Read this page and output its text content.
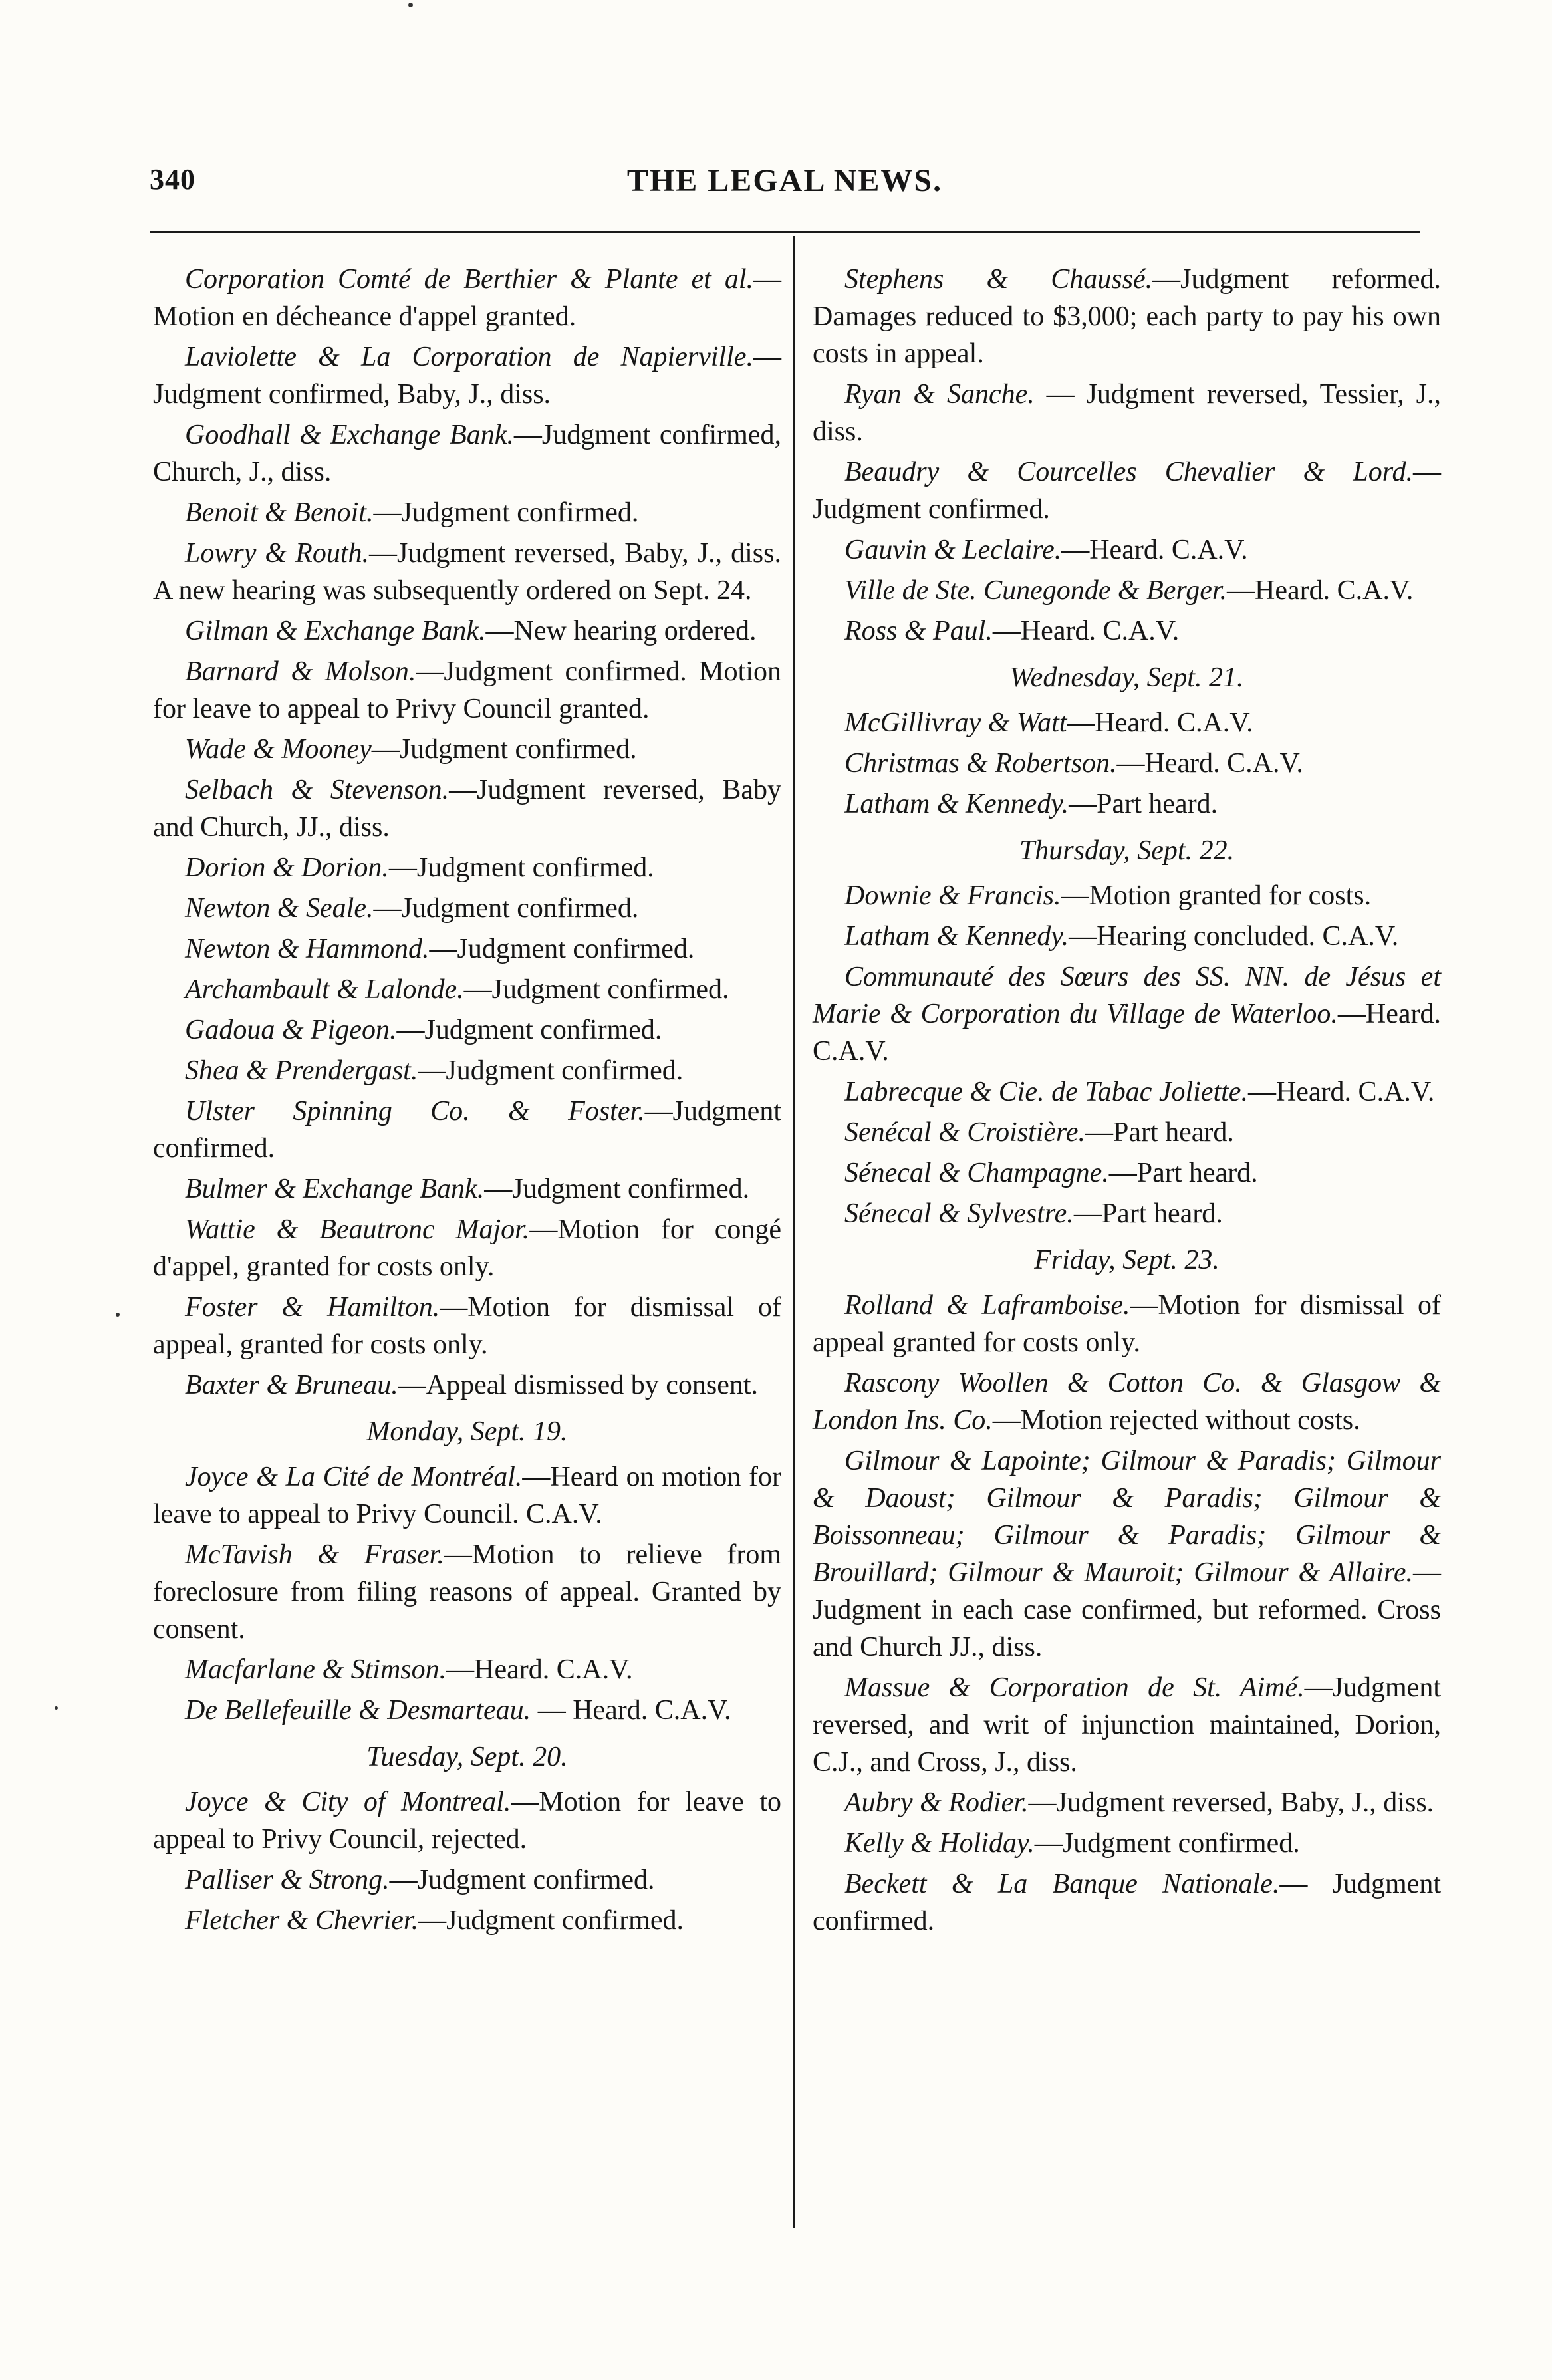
340	THE LEGAL NEWS.

Corporation Comté de Berthier & Plante et al.—Motion en décheance d'appel granted.

Laviolette & La Corporation de Napierville.—Judgment confirmed, Baby, J., diss.

Goodhall & Exchange Bank.—Judgment confirmed, Church, J., diss.

Benoit & Benoit.—Judgment confirmed.

Lowry & Routh.—Judgment reversed, Baby, J., diss. A new hearing was subsequently ordered on Sept. 24.

Gilman & Exchange Bank.—New hearing ordered.

Barnard & Molson.—Judgment confirmed. Motion for leave to appeal to Privy Council granted.

Wade & Mooney—Judgment confirmed.

Selbach & Stevenson.—Judgment reversed, Baby and Church, JJ., diss.

Dorion & Dorion.—Judgment confirmed.

Newton & Seale.—Judgment confirmed.

Newton & Hammond.—Judgment confirmed.

Archambault & Lalonde.—Judgment confirmed.

Gadoua & Pigeon.—Judgment confirmed.

Shea & Prendergast.—Judgment confirmed.

Ulster Spinning Co. & Foster.—Judgment confirmed.

Bulmer & Exchange Bank.—Judgment confirmed.

Wattie & Beautronc Major.—Motion for congé d'appel, granted for costs only.

Foster & Hamilton.—Motion for dismissal of appeal, granted for costs only.

Baxter & Bruneau.—Appeal dismissed by consent.

Monday, Sept. 19.

Joyce & La Cité de Montréal.—Heard on motion for leave to appeal to Privy Council. C.A.V.

McTavish & Fraser.—Motion to relieve from foreclosure from filing reasons of appeal. Granted by consent.

Macfarlane & Stimson.—Heard. C.A.V.

De Bellefeuille & Desmarteau. — Heard. C.A.V.

Tuesday, Sept. 20.

Joyce & City of Montreal.—Motion for leave to appeal to Privy Council, rejected.

Palliser & Strong.—Judgment confirmed.

Fletcher & Chevrier.—Judgment confirmed.

Stephens & Chaussé.—Judgment reformed. Damages reduced to $3,000; each party to pay his own costs in appeal.

Ryan & Sanche. — Judgment reversed, Tessier, J., diss.

Beaudry & Courcelles Chevalier & Lord.—Judgment confirmed.

Gauvin & Leclaire.—Heard. C.A.V.

Ville de Ste. Cunegonde & Berger.—Heard. C.A.V.

Ross & Paul.—Heard. C.A.V.

Wednesday, Sept. 21.

McGillivray & Watt—Heard. C.A.V.

Christmas & Robertson.—Heard. C.A.V.

Latham & Kennedy.—Part heard.

Thursday, Sept. 22.

Downie & Francis.—Motion granted for costs.

Latham & Kennedy.—Hearing concluded. C.A.V.

Communauté des Sœurs des SS. NN. de Jésus et Marie & Corporation du Village de Waterloo.—Heard. C.A.V.

Labrecque & Cie. de Tabac Joliette.—Heard. C.A.V.

Senécal & Croistière.—Part heard.

Sénecal & Champagne.—Part heard.

Sénecal & Sylvestre.—Part heard.

Friday, Sept. 23.

Rolland & Laframboise.—Motion for dismissal of appeal granted for costs only.

Rascony Woollen & Cotton Co. & Glasgow & London Ins. Co.—Motion rejected without costs.

Gilmour & Lapointe; Gilmour & Paradis; Gilmour & Daoust; Gilmour & Paradis; Gilmour & Boissonneau; Gilmour & Paradis; Gilmour & Brouillard; Gilmour & Mauroit; Gilmour & Allaire.—Judgment in each case confirmed, but reformed. Cross and Church JJ., diss.

Massue & Corporation de St. Aimé.—Judgment reversed, and writ of injunction maintained, Dorion, C.J., and Cross, J., diss.

Aubry & Rodier.—Judgment reversed, Baby, J., diss.

Kelly & Holiday.—Judgment confirmed.

Beckett & La Banque Nationale.— Judgment confirmed.
